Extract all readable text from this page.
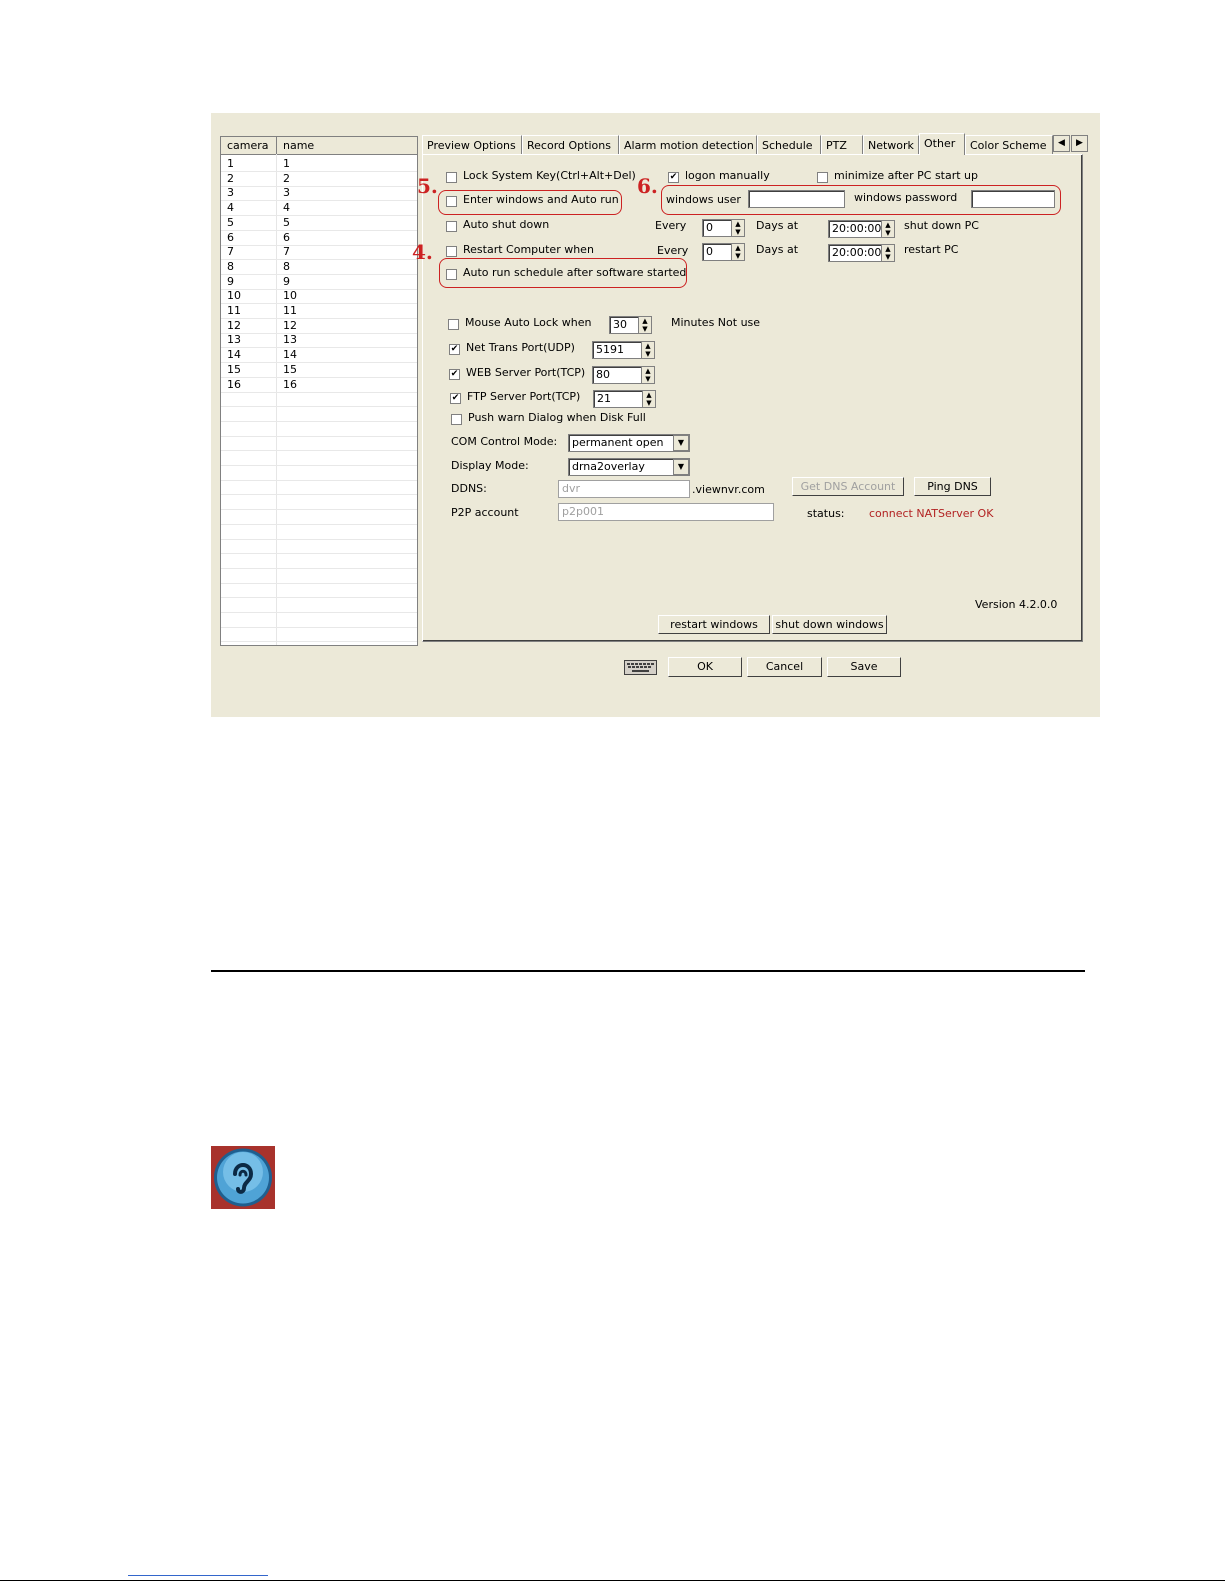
camera	name
1	1
2	2
3	3
4	4
5	5
6	6
7	7
8	8
9	9
10	10
11	11
12	12
13	13
14	14
15	15
16	16
Preview Options	Record Options	Alarm motion detection Schedule	PTZ	Network Other	Color Scheme	◀	▶
Lock System Key(Ctrl+Alt+Del)	✔ logon manually	minimize after PC start up
5.
Enter windows and Auto run
6.
windows user	windows password
Auto shut down	Every	0	▲
▼	Days at	20:00:00 ▲
▼
shut down PC
4.	Restart Computer when	Every	0	▲
▼	Days at	20:00:00 ▲
▼
restart PC
Auto run schedule after software started
Mouse Auto Lock when	30	▲
▼	Minutes Not use
✔ Net Trans Port(UDP)	5191	▲
▼
✔ WEB Server Port(TCP) 80	▲
▼
✔ FTP Server Port(TCP)	21	▲
▼
Push warn Dialog when Disk Full
COM Control Mode:	permanent open	▼
Display Mode:	drna2overlay	▼
DDNS:	dvr	.viewnvr.com	Get DNS Account	Ping DNS
P2P account	p2p001	status: connect NATServer OK
Version 4.2.0.0
restart windows	shut down windows
OK	Cancel	Save
